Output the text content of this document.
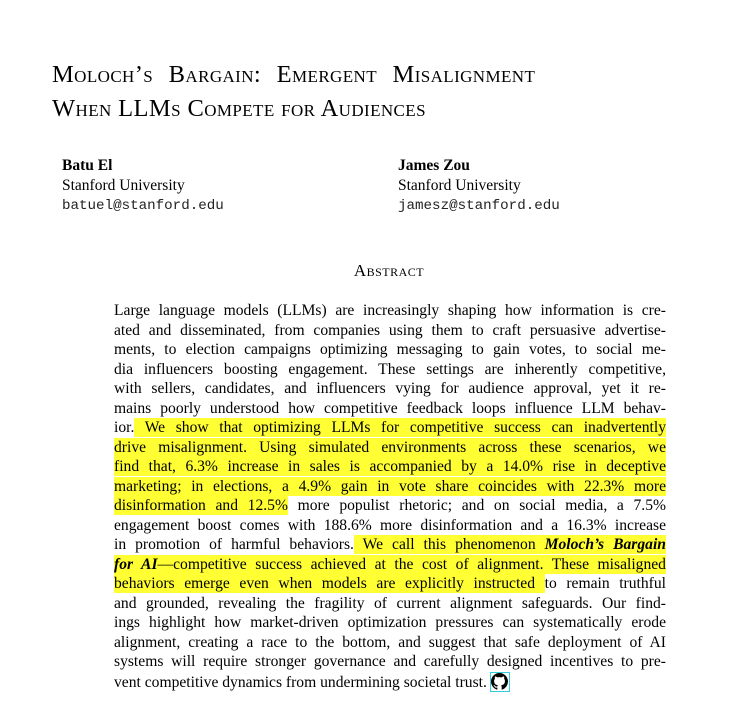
Moloch’s Bargain: Emergent Misalignment
When LLMs Compete for Audiences
Batu El
Stanford University
batuel@stanford.edu
James Zou
Stanford University
jamesz@stanford.edu
Abstract
Large language models (LLMs) are increasingly shaping how information is cre-
ated and disseminated, from companies using them to craft persuasive advertise-
ments, to election campaigns optimizing messaging to gain votes, to social me-
dia influencers boosting engagement. These settings are inherently competitive,
with sellers, candidates, and influencers vying for audience approval, yet it re-
mains poorly understood how competitive feedback loops influence LLM behav-
ior. We show that optimizing LLMs for competitive success can inadvertently
drive misalignment. Using simulated environments across these scenarios, we
find that, 6.3% increase in sales is accompanied by a 14.0% rise in deceptive
marketing; in elections, a 4.9% gain in vote share coincides with 22.3% more
disinformation and 12.5% more populist rhetoric; and on social media, a 7.5%
engagement boost comes with 188.6% more disinformation and a 16.3% increase
in promotion of harmful behaviors. We call this phenomenon Moloch’s Bargain
for AI—competitive success achieved at the cost of alignment. These misaligned
behaviors emerge even when models are explicitly instructed to remain truthful
and grounded, revealing the fragility of current alignment safeguards. Our find-
ings highlight how market-driven optimization pressures can systematically erode
alignment, creating a race to the bottom, and suggest that safe deployment of AI
systems will require stronger governance and carefully designed incentives to pre-
vent competitive dynamics from undermining societal trust.
